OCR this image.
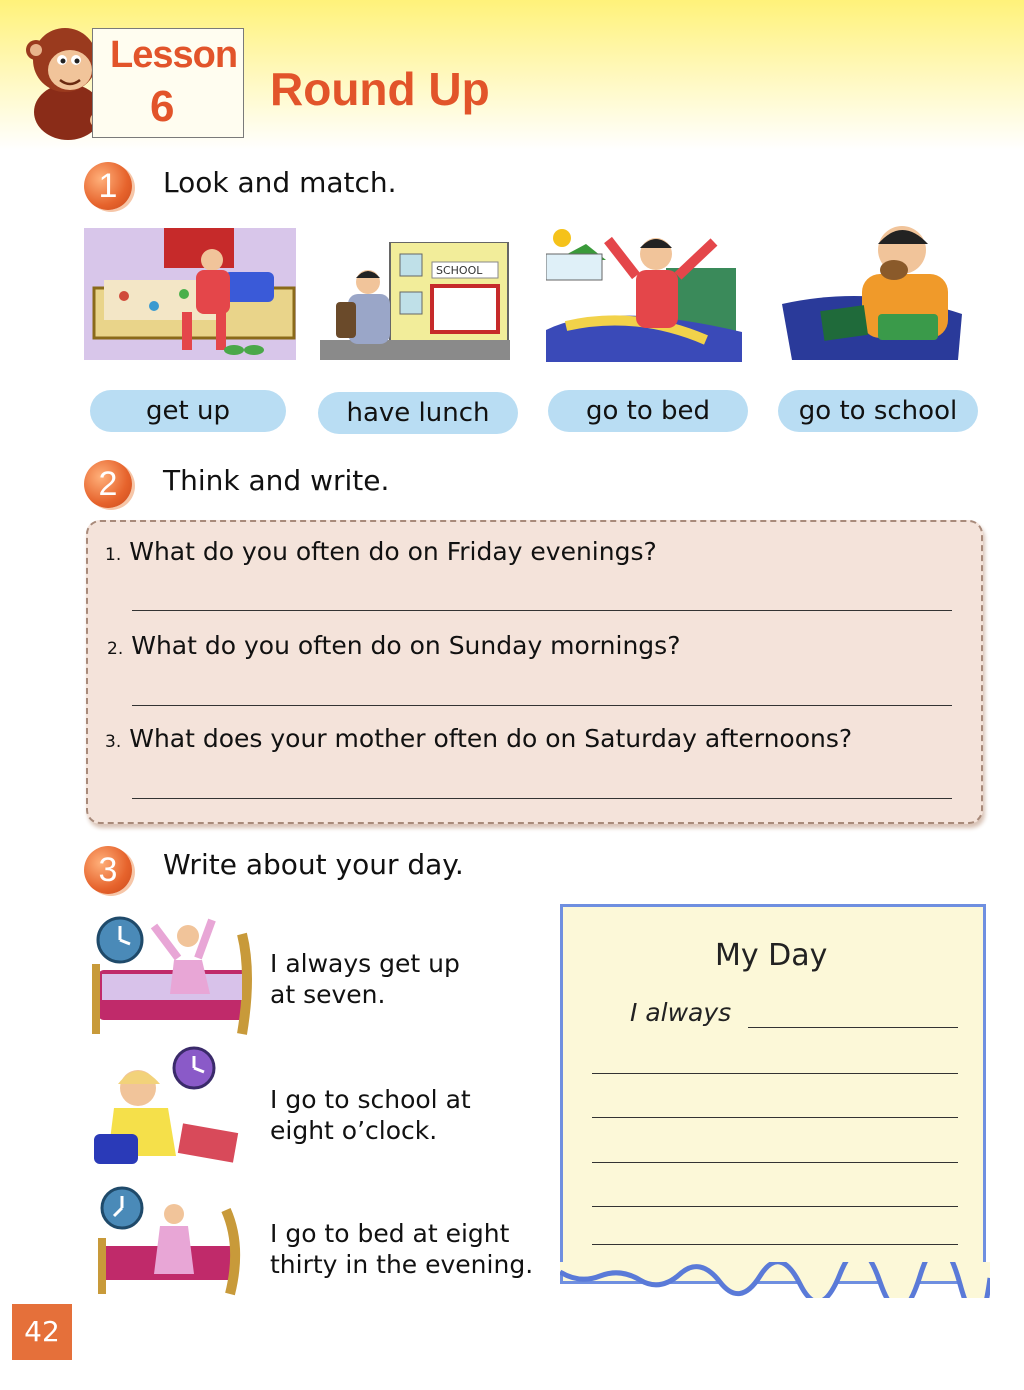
Lesson
6 Round Up
1	Look and match.
SCHOOL
get up	have lunch	go to bed	go to school
2	Think and write.
1. What do you often do on Friday evenings?
2. What do you often do on Sunday mornings?
3. What does your mother often do on Saturday afternoons?
3	Write about your day.
I always get up
at seven.
I go to school at
eight o’clock.
I go to bed at eight
thirty in the evening.
My Day
I always
42
